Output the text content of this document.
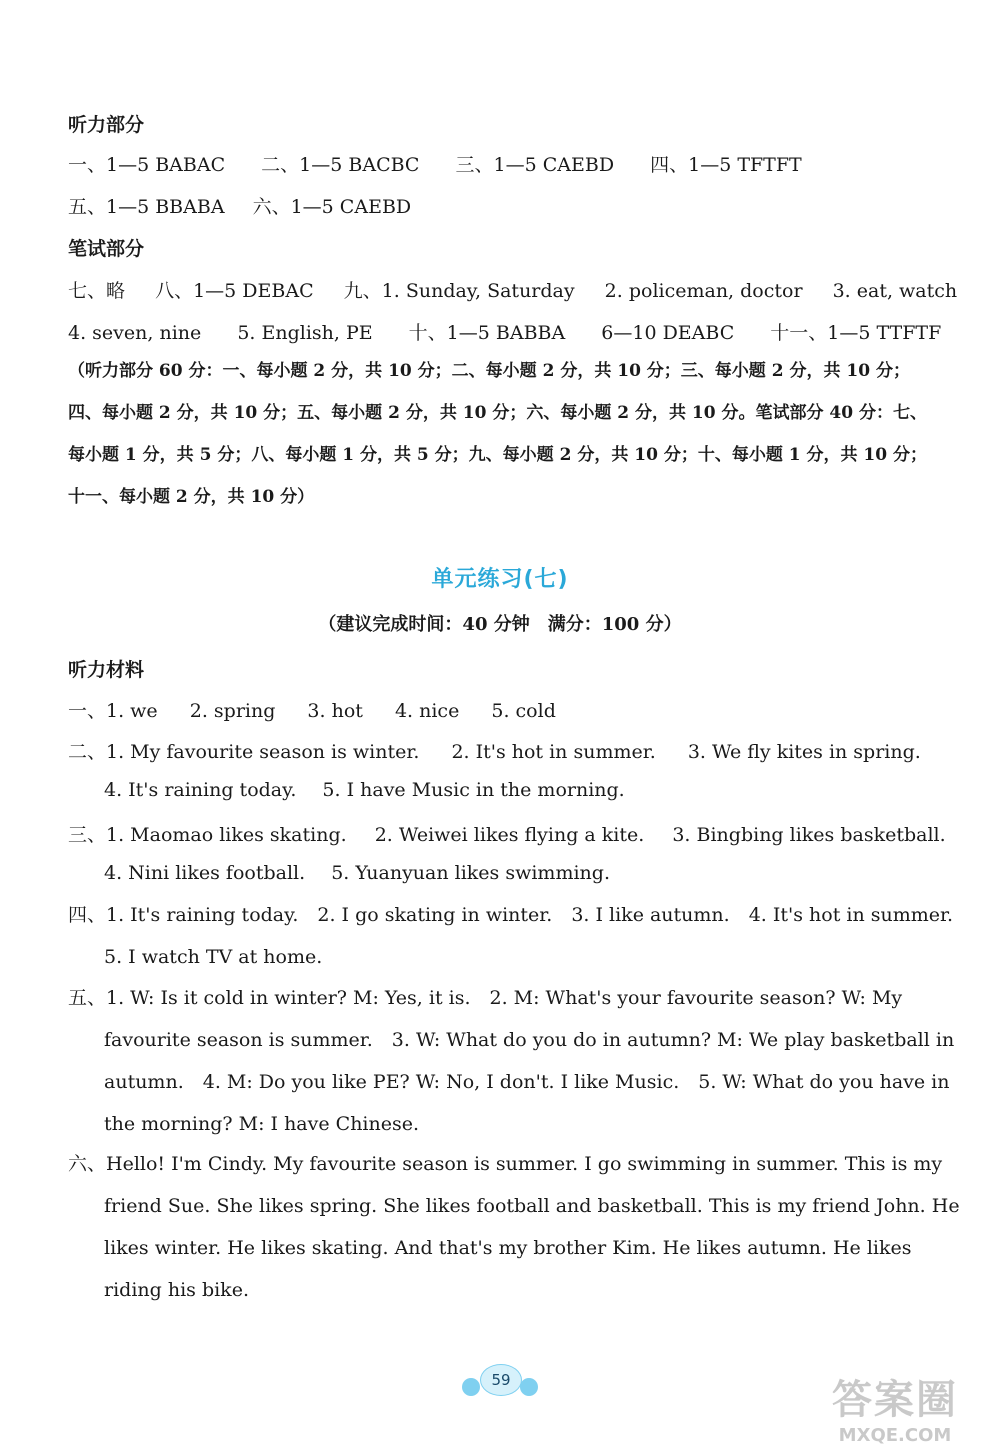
听力部分
一、1—5 BABAC 二、1—5 BACBC 三、1—5 CAEBD 四、1—5 TFTFT
五、1—5 BBABA 六、1—5 CAEBD
笔试部分
七、略 八、1—5 DEBAC 九、1. Sunday, Saturday 2. policeman, doctor 3. eat, watch
4. seven, nine 5. English, PE 十、1—5 BABBA 6—10 DEABC 十一、1—5 TTFTF
（听力部分 60 分：一、每小题 2 分，共 10 分；二、每小题 2 分，共 10 分；三、每小题 2 分，共 10 分；四、每小题 2 分，共 10 分；五、每小题 2 分，共 10 分；六、每小题 2 分，共 10 分。笔试部分 40 分：七、每小题 1 分，共 5 分；八、每小题 1 分，共 5 分；九、每小题 2 分，共 10 分；十、每小题 1 分，共 10 分；十一、每小题 2 分，共 10 分）
单元练习(七)
（建议完成时间：40 分钟　满分：100 分）
听力材料
一、1. we 2. spring 3. hot 4. nice 5. cold
二、1. My favourite season is winter. 2. It's hot in summer. 3. We fly kites in spring.
4. It's raining today. 5. I have Music in the morning.
三、1. Maomao likes skating. 2. Weiwei likes flying a kite. 3. Bingbing likes basketball.
4. Nini likes football. 5. Yuanyuan likes swimming.
四、1. It's raining today.　2. I go skating in winter.　3. I like autumn.　4. It's hot in summer.　5. I watch TV at home.
五、1. W: Is it cold in winter? M: Yes, it is.　2. M: What's your favourite season? W: My favourite season is summer.　3. W: What do you do in autumn? M: We play basketball in autumn.　4. M: Do you like PE? W: No, I don't. I like Music.　5. W: What do you have in the morning? M: I have Chinese.
六、Hello! I'm Cindy. My favourite season is summer. I go swimming in summer. This is my friend Sue. She likes spring. She likes football and basketball. This is my friend John. He likes winter. He likes skating. And that's my brother Kim. He likes autumn. He likes riding his bike.
59	答案圈
MXQE.COM
